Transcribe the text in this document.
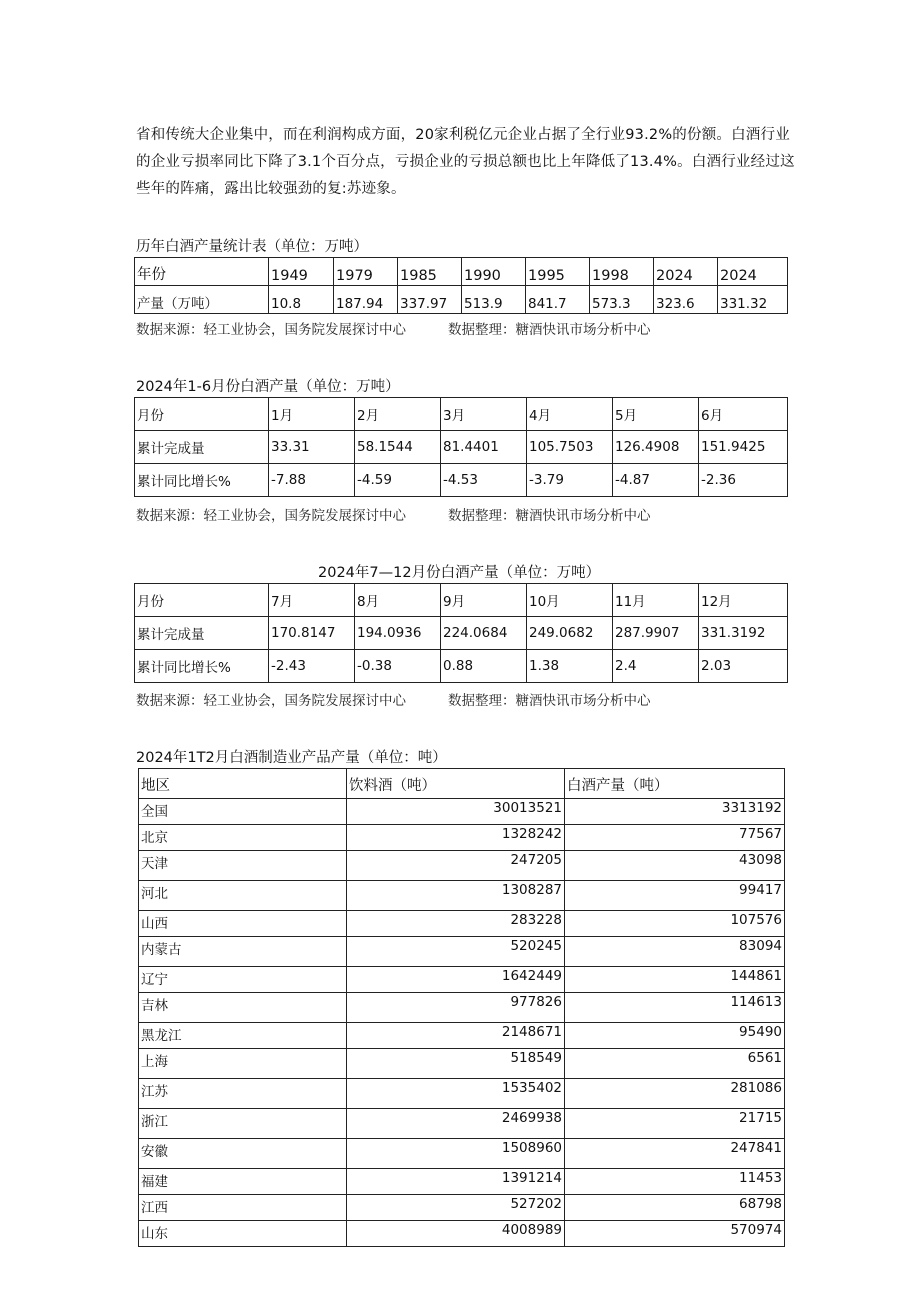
省和传统大企业集中，而在利润构成方面，20家利税亿元企业占据了全行业93.2%的份额。白酒行业的企业亏损率同比下降了3.1个百分点，亏损企业的亏损总额也比上年降低了13.4%。白酒行业经过这些年的阵痛，露出比较强劲的复:苏迹象。
历年白酒产量统计表（单位：万吨）
年份	1949	1979	1985	1990	1995	1998	2024	2024
产量（万吨）	10.8	187.94	337.97	513.9	841.7	573.3	323.6	331.32
数据来源：轻工业协会，国务院发展探讨中心	数据整理：糖酒快讯市场分析中心
2024年1-6月份白酒产量（单位：万吨）
月份	1月	2月	3月	4月	5月	6月
累计完成量	33.31	58.1544	81.4401	105.7503	126.4908	151.9425
累计同比增长%	-7.88	-4.59	-4.53	-3.79	-4.87	-2.36
数据来源：轻工业协会，国务院发展探讨中心	数据整理：糖酒快讯市场分析中心
2024年7—12月份白酒产量（单位：万吨）
月份	7月	8月	9月	10月	11月	12月
累计完成量	170.8147	194.0936	224.0684	249.0682	287.9907	331.3192
累计同比增长%	-2.43	-0.38	0.88	1.38	2.4	2.03
数据来源：轻工业协会，国务院发展探讨中心	数据整理：糖酒快讯市场分析中心
2024年1T2月白酒制造业产品产量（单位：吨）
地区	饮料酒（吨）	白酒产量（吨）
全国	30013521	3313192
北京	1328242	77567
天津	247205	43098
河北	1308287	99417
山西	283228	107576
内蒙古	520245	83094
辽宁	1642449	144861
吉林	977826	114613
黑龙江	2148671	95490
上海	518549	6561
江苏	1535402	281086
浙江	2469938	21715
安徽	1508960	247841
福建	1391214	11453
江西	527202	68798
山东	4008989	570974
